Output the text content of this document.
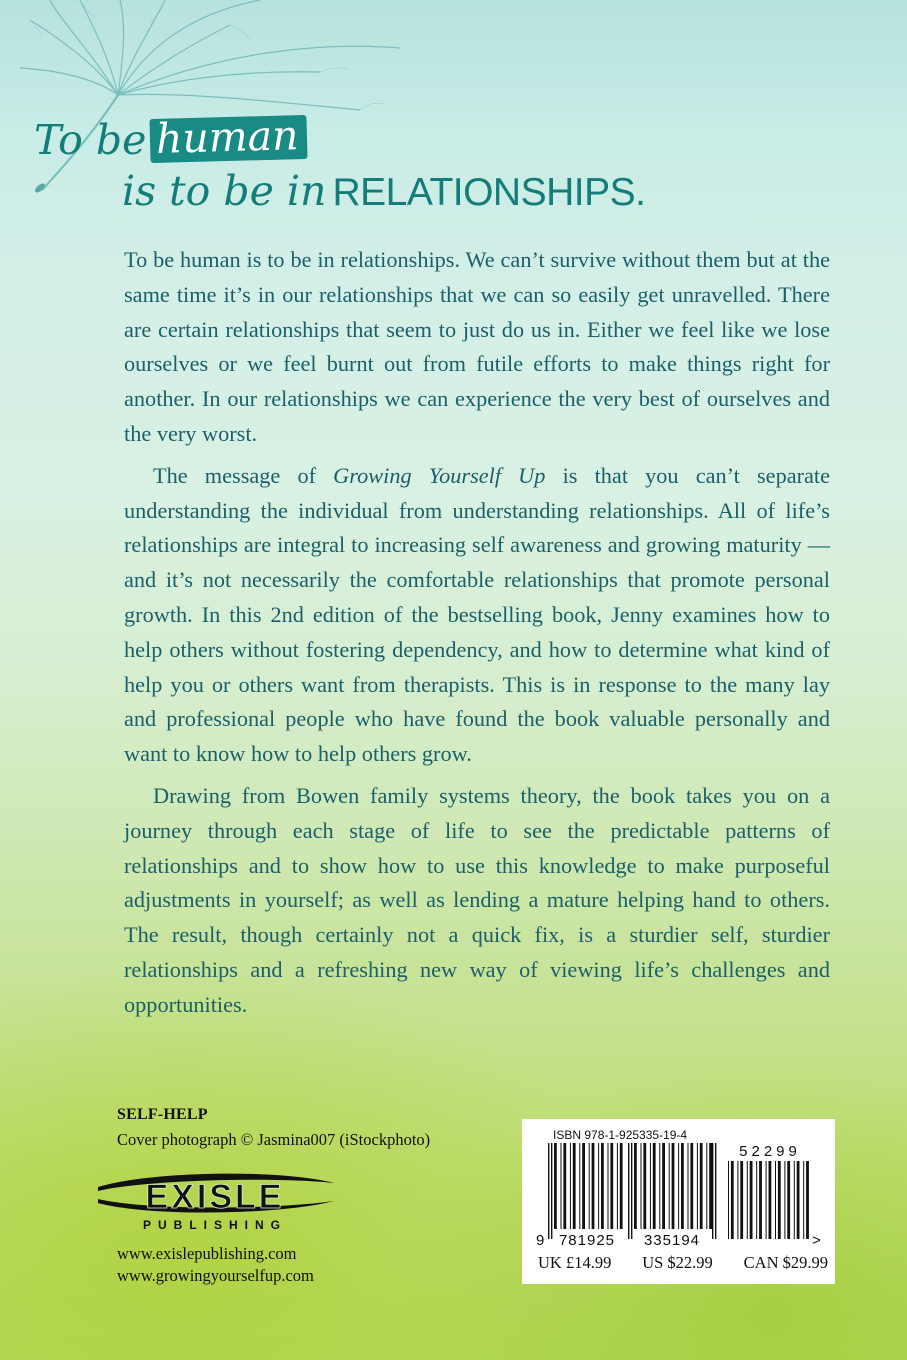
To be human
is to be in RELATIONSHIPS.

To be human is to be in relationships. We can’t survive without them but at the same time it’s in our relationships that we can so easily get unravelled. There are certain relationships that seem to just do us in. Either we feel like we lose ourselves or we feel burnt out from futile efforts to make things right for another. In our relationships we can experience the very best of ourselves and the very worst.

The message of Growing Yourself Up is that you can’t separate understanding the individual from understanding relationships. All of life’s relationships are integral to increasing self awareness and growing maturity — and it’s not necessarily the comfortable relationships that promote personal growth. In this 2nd edition of the bestselling book, Jenny examines how to help others without fostering dependency, and how to determine what kind of help you or others want from therapists. This is in response to the many lay and professional people who have found the book valuable personally and want to know how to help others grow.

Drawing from Bowen family systems theory, the book takes you on a journey through each stage of life to see the predictable patterns of relationships and to show how to use this knowledge to make purposeful adjustments in yourself; as well as lending a mature helping hand to others. The result, though certainly not a quick fix, is a sturdier self, sturdier relationships and a refreshing new way of viewing life’s challenges and opportunities.

SELF-HELP
Cover photograph © Jasmina007 (iStockphoto)
EXISLE
PUBLISHING
www.exislepublishing.com
www.growingyourselfup.com
ISBN 978-1-925335-19-4
9 781925 335194
52299
>
UK £14.99 US $22.99 CAN $29.99
